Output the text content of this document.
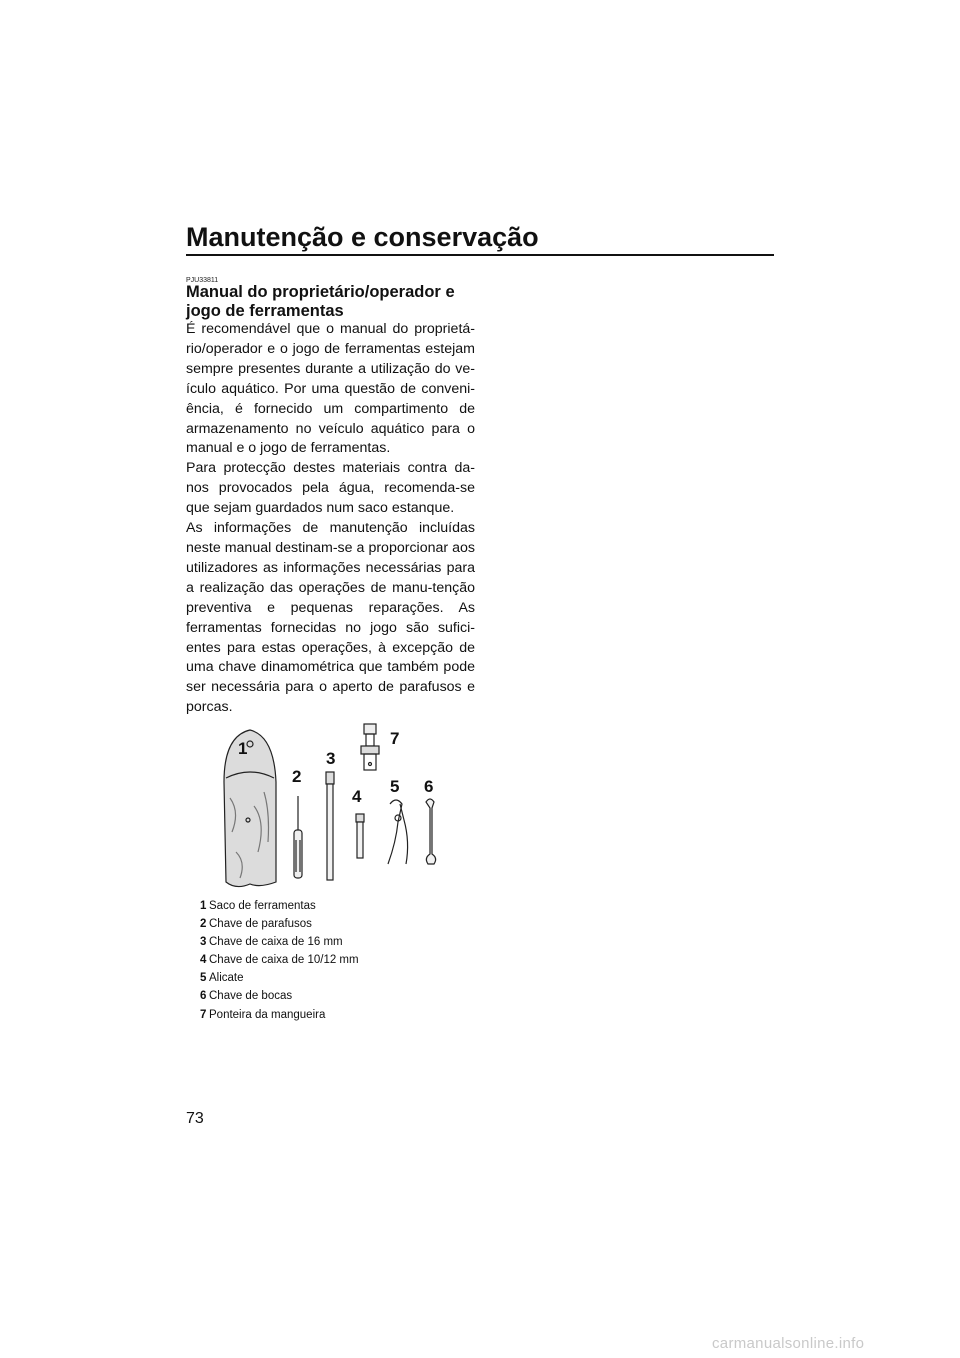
Manutenção e conservação
PJU33811
Manual do proprietário/operador e jogo de ferramentas

É recomendável que o manual do proprietá-rio/operador e o jogo de ferramentas estejam sempre presentes durante a utilização do ve-ículo aquático. Por uma questão de conveni-ência, é fornecido um compartimento de armazenamento no veículo aquático para o manual e o jogo de ferramentas.

Para protecção destes materiais contra da-nos provocados pela água, recomenda-se que sejam guardados num saco estanque.

As informações de manutenção incluídas neste manual destinam-se a proporcionar aos utilizadores as informações necessárias para a realização das operações de manu-tenção preventiva e pequenas reparações. As ferramentas fornecidas no jogo são sufici-entes para estas operações, à excepção de uma chave dinamométrica que também pode ser necessária para o aperto de parafusos e porcas.

1
2
3
4
5 6
7
1 Saco de ferramentas
2 Chave de parafusos
3 Chave de caixa de 16 mm
4 Chave de caixa de 10/12 mm
5 Alicate
6 Chave de bocas
7 Ponteira da mangueira
73
carmanualsonline.info
